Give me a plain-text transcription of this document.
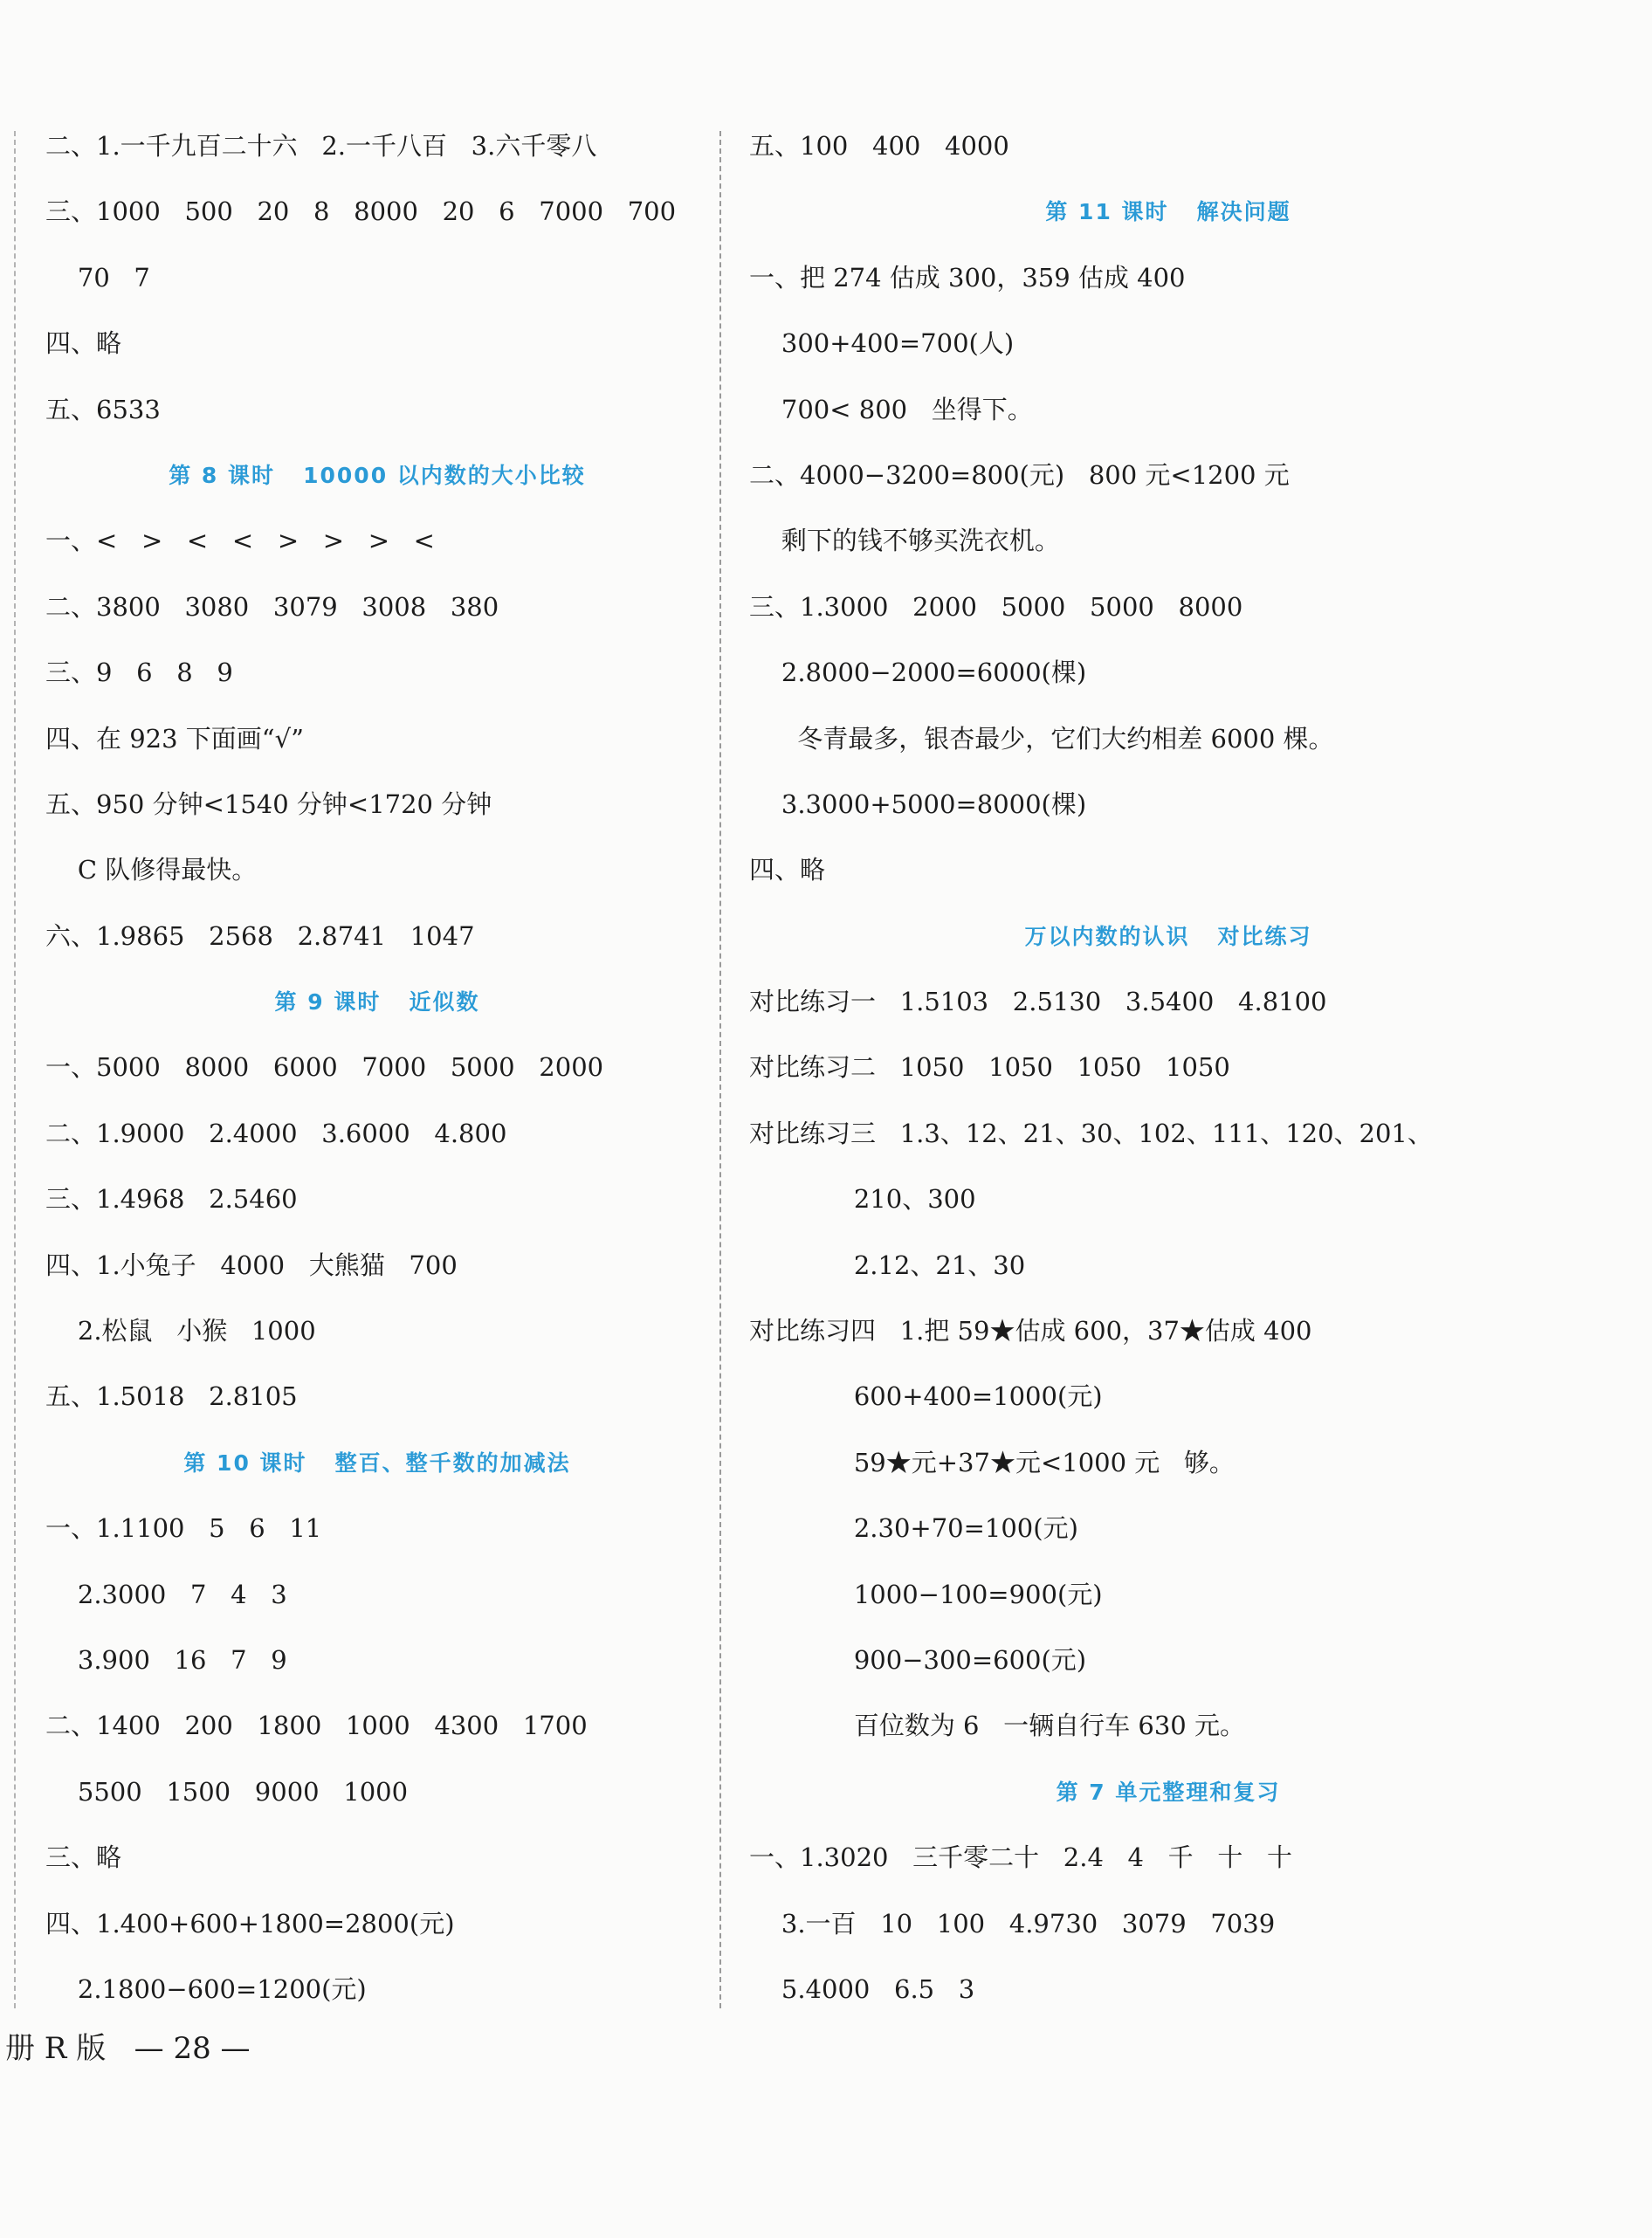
二、1.一千九百二十六   2.一千八百   3.六千零八
三、1000   500   20   8   8000   20   6   7000   700
70   7
四、略
五、6533
第 8 课时   10000 以内数的大小比较
一、<   >   <   <   >   >   >   <
二、3800   3080   3079   3008   380
三、9   6   8   9
四、在 923 下面画“√”
五、950 分钟<1540 分钟<1720 分钟
C 队修得最快。
六、1.9865   2568   2.8741   1047
第 9 课时   近似数
一、5000   8000   6000   7000   5000   2000
二、1.9000   2.4000   3.6000   4.800
三、1.4968   2.5460
四、1.小兔子   4000   大熊猫   700
2.松鼠   小猴   1000
五、1.5018   2.8105
第 10 课时   整百、整千数的加减法
一、1.1100   5   6   11
2.3000   7   4   3
3.900   16   7   9
二、1400   200   1800   1000   4300   1700
5500   1500   9000   1000
三、略
四、1.400+600+1800=2800(元)
2.1800−600=1200(元)
五、100   400   4000
第 11 课时   解决问题
一、把 274 估成 300，359 估成 400
300+400=700(人)
700< 800   坐得下。
二、4000−3200=800(元)   800 元<1200 元
剩下的钱不够买洗衣机。
三、1.3000   2000   5000   5000   8000
2.8000−2000=6000(棵)
冬青最多，银杏最少，它们大约相差 6000 棵。
3.3000+5000=8000(棵)
四、略
万以内数的认识   对比练习
对比练习一   1.5103   2.5130   3.5400   4.8100
对比练习二   1050   1050   1050   1050
对比练习三   1.3、12、21、30、102、111、120、201、
210、300
2.12、21、30
对比练习四   1.把 59★估成 600，37★估成 400
600+400=1000(元)
59★元+37★元<1000 元   够。
2.30+70=100(元)
1000−100=900(元)
900−300=600(元)
百位数为 6   一辆自行车 630 元。
第 7 单元整理和复习
一、1.3020   三千零二十   2.4   4   千   十   十
3.一百   10   100   4.9730   3079   7039
5.4000   6.5   3
册 R 版   — 28 —
